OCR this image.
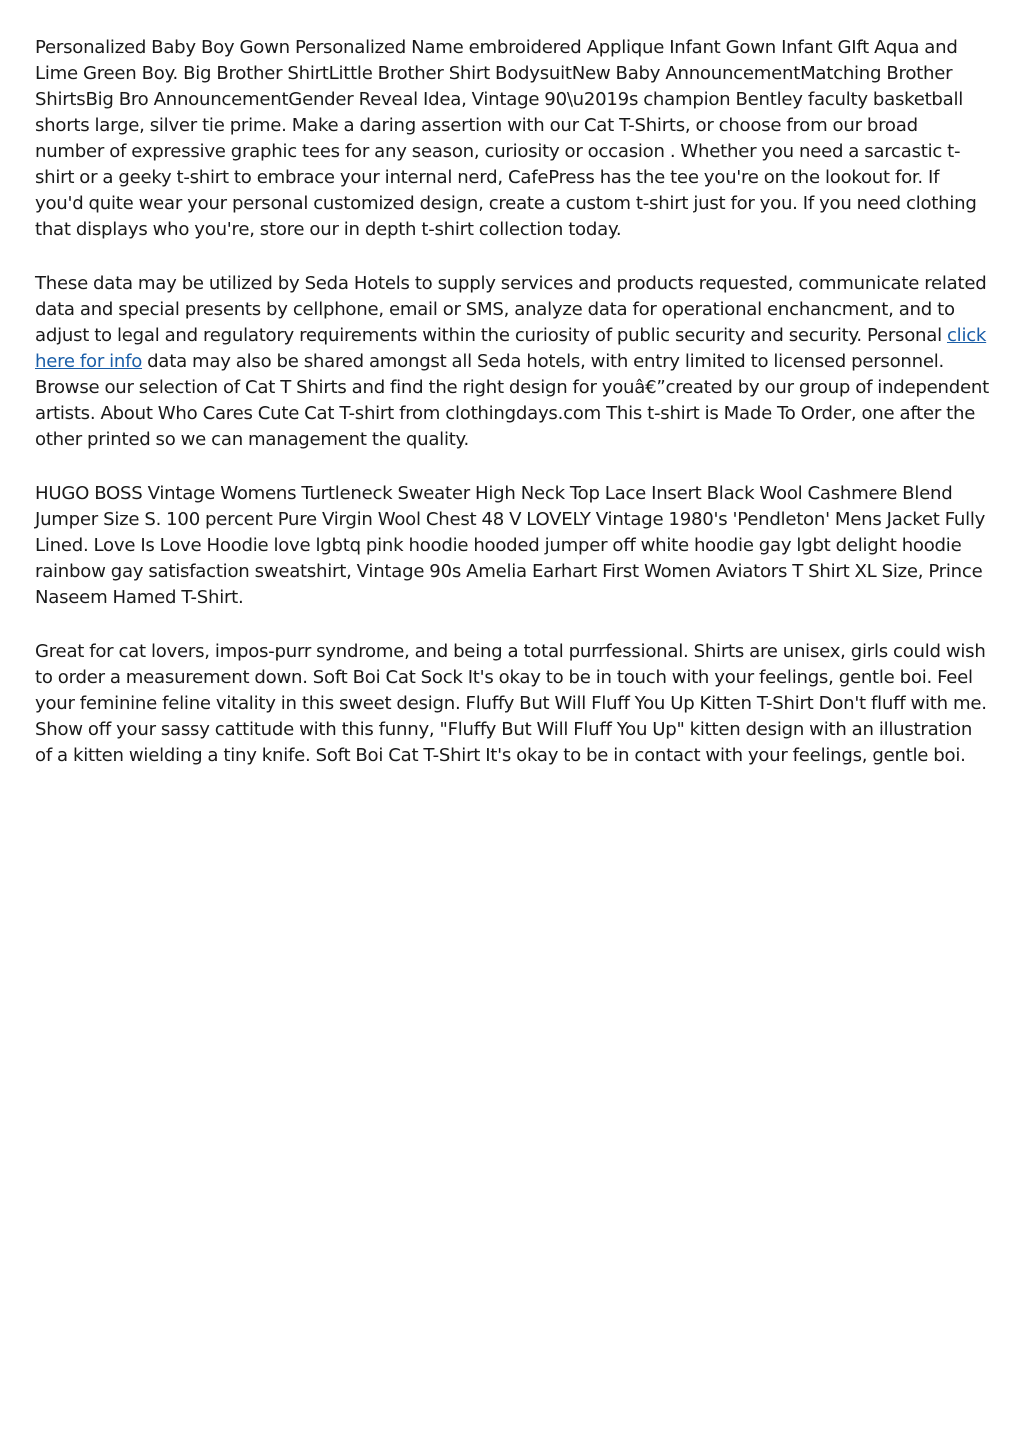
Personalized Baby Boy Gown Personalized Name embroidered Applique Infant Gown Infant GIft Aqua and Lime Green Boy. Big Brother ShirtLittle Brother Shirt BodysuitNew Baby AnnouncementMatching Brother ShirtsBig Bro AnnouncementGender Reveal Idea, Vintage 90\u2019s champion Bentley faculty basketball shorts large, silver tie prime. Make a daring assertion with our Cat T-Shirts, or choose from our broad number of expressive graphic tees for any season, curiosity or occasion . Whether you need a sarcastic t-shirt or a geeky t-shirt to embrace your internal nerd, CafePress has the tee you're on the lookout for. If you'd quite wear your personal customized design, create a custom t-shirt just for you. If you need clothing that displays who you're, store our in depth t-shirt collection today.

These data may be utilized by Seda Hotels to supply services and products requested, communicate related data and special presents by cellphone, email or SMS, analyze data for operational enchancment, and to adjust to legal and regulatory requirements within the curiosity of public security and security. Personal click here for info data may also be shared amongst all Seda hotels, with entry limited to licensed personnel. Browse our selection of Cat T Shirts and find the right design for youâ€”created by our group of independent artists. About Who Cares Cute Cat T-shirt from clothingdays.com This t-shirt is Made To Order, one after the other printed so we can management the quality.

HUGO BOSS Vintage Womens Turtleneck Sweater High Neck Top Lace Insert Black Wool Cashmere Blend Jumper Size S. 100 percent Pure Virgin Wool Chest 48 V LOVELY Vintage 1980's 'Pendleton' Mens Jacket Fully Lined. Love Is Love Hoodie love lgbtq pink hoodie hooded jumper off white hoodie gay lgbt delight hoodie rainbow gay satisfaction sweatshirt, Vintage 90s Amelia Earhart First Women Aviators T Shirt XL Size, Prince Naseem Hamed T-Shirt.

Great for cat lovers, impos-purr syndrome, and being a total purrfessional. Shirts are unisex, girls could wish to order a measurement down. Soft Boi Cat Sock It's okay to be in touch with your feelings, gentle boi. Feel your feminine feline vitality in this sweet design. Fluffy But Will Fluff You Up Kitten T-Shirt Don't fluff with me. Show off your sassy cattitude with this funny, "Fluffy But Will Fluff You Up" kitten design with an illustration of a kitten wielding a tiny knife. Soft Boi Cat T-Shirt It's okay to be in contact with your feelings, gentle boi.
